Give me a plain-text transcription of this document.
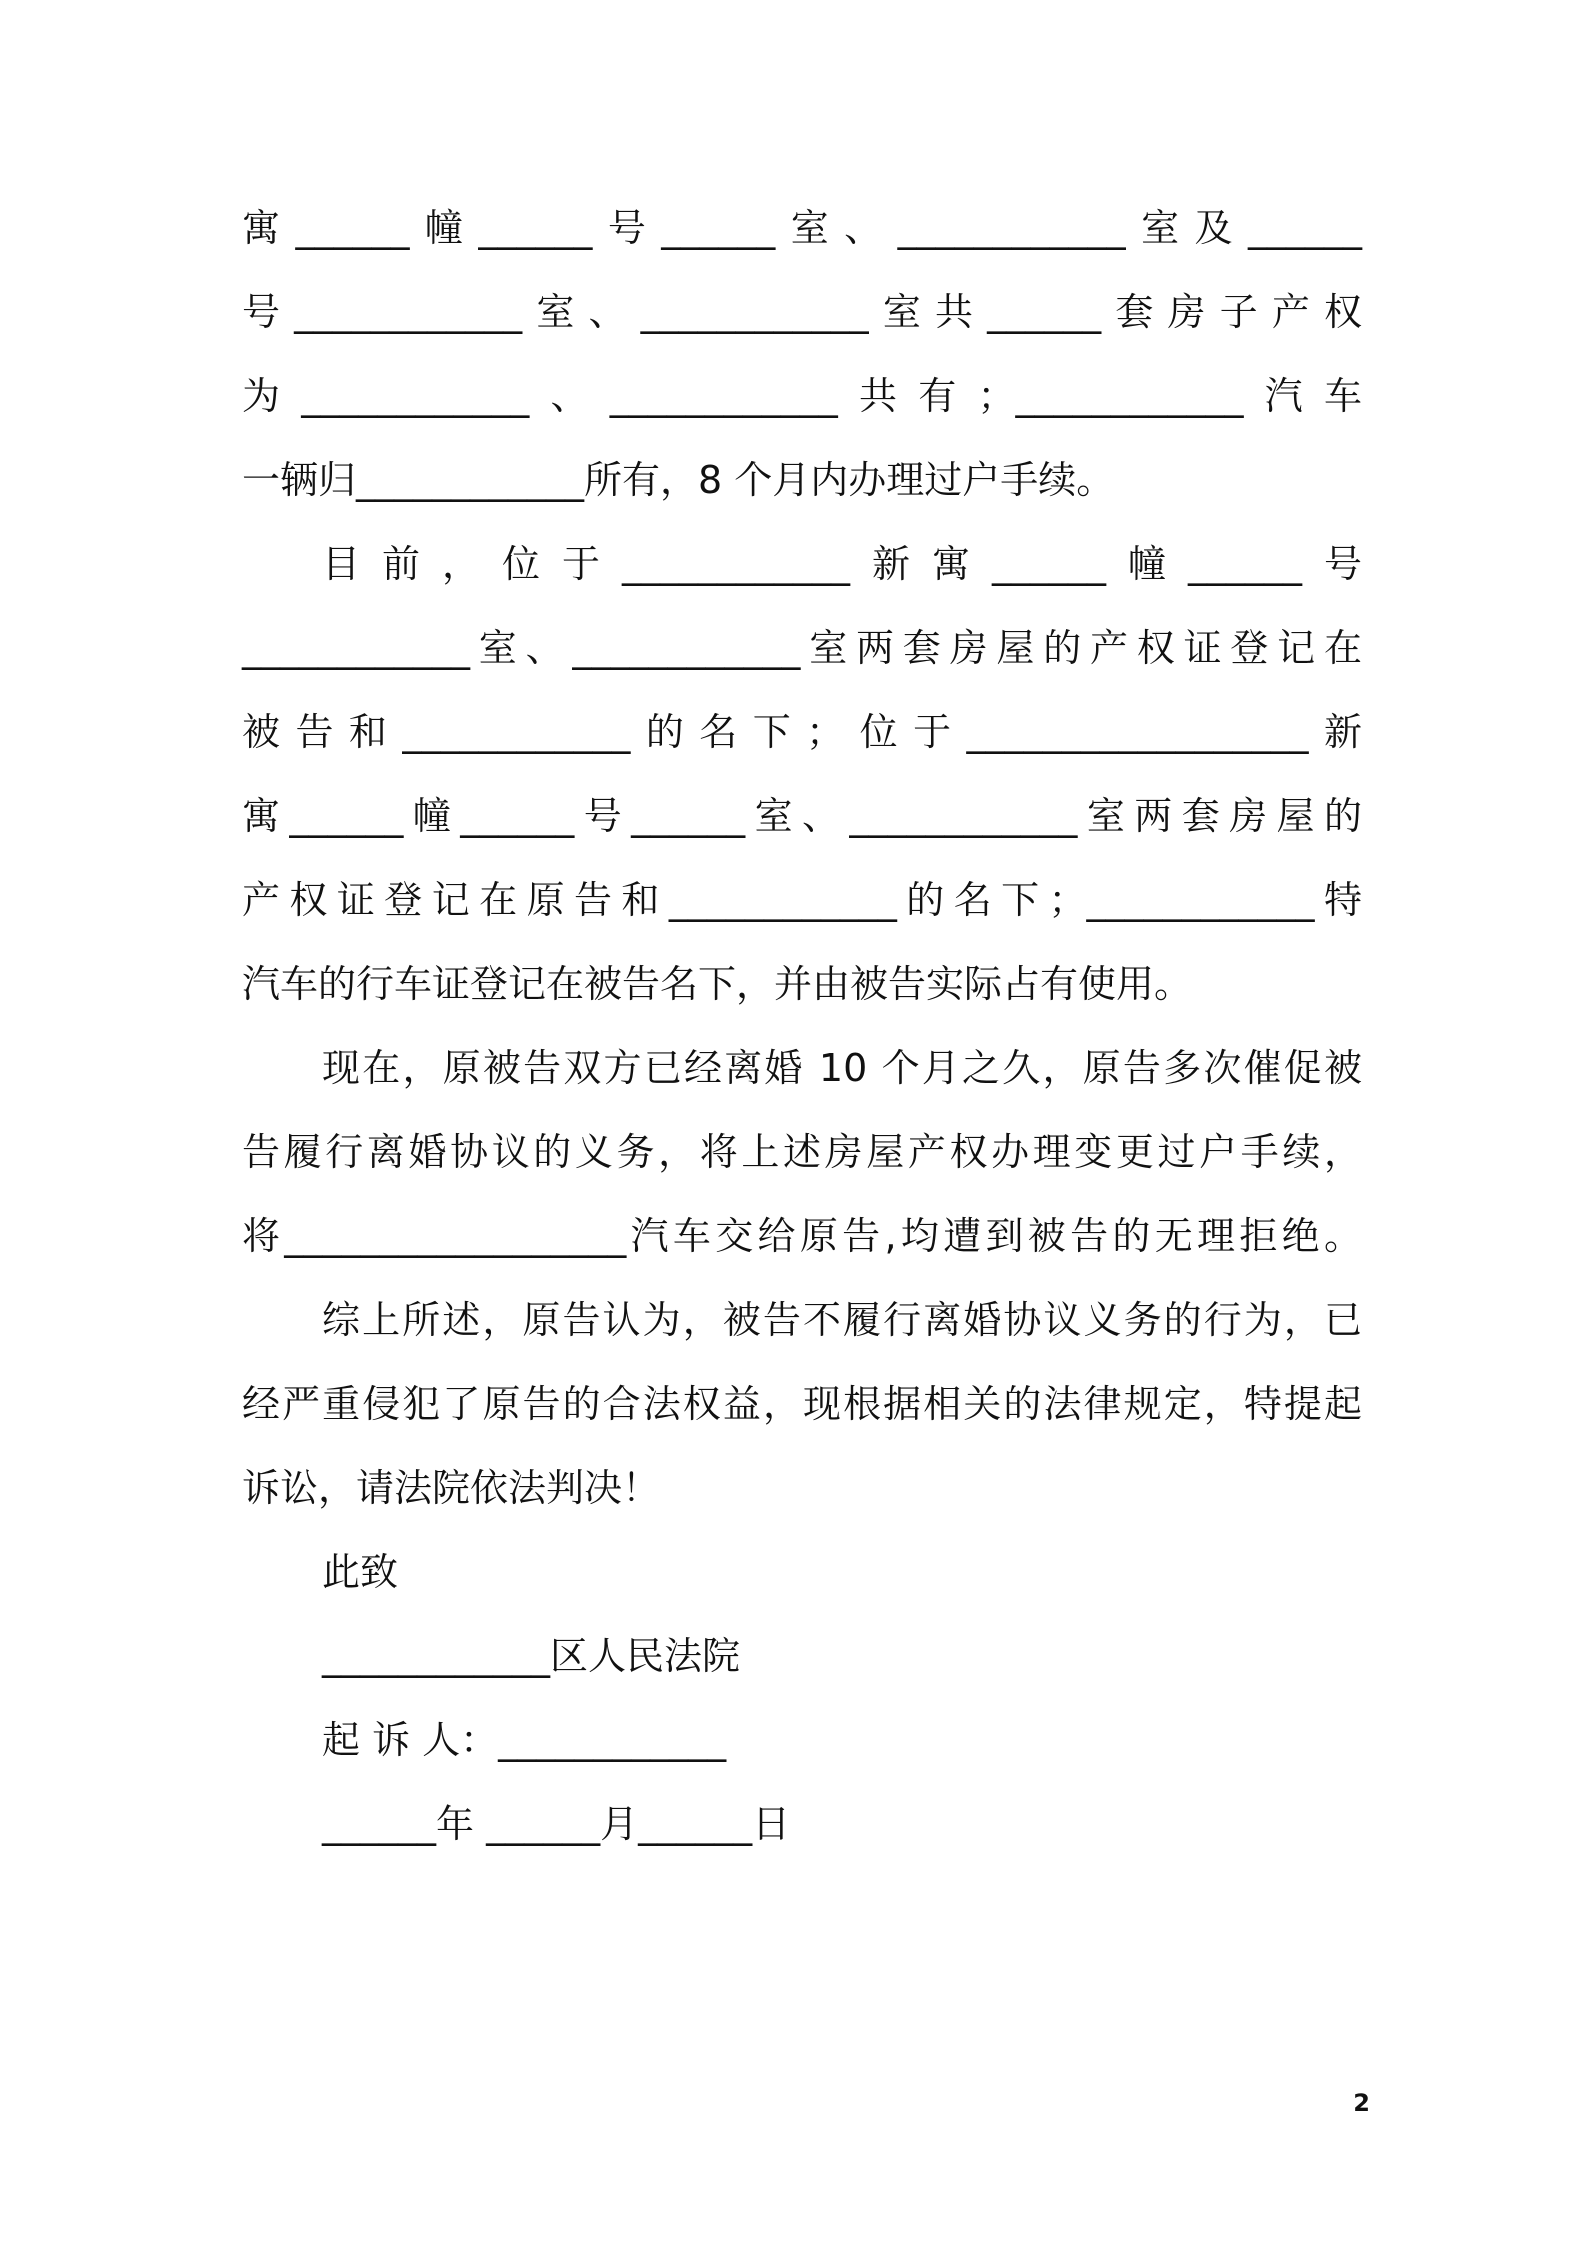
寓______幢______号______室、____________室及______
号____________室、____________室共______套房子产权
为____________、____________共有；____________汽车
一辆归____________所有，8 个月内办理过户手续。
目前，位于____________新寓______幢______号
____________室、____________室两套房屋的产权证登记在
被告和____________的名下；位于__________________新
寓______幢______号______室、____________室两套房屋的
产权证登记在原告和____________的名下；____________特
汽车的行车证登记在被告名下，并由被告实际占有使用。
现在，原被告双方已经离婚 10 个月之久，原告多次催促被
告履行离婚协议的义务，将上述房屋产权办理变更过户手续，
将__________________汽车交给原告,均遭到被告的无理拒绝。
综上所述，原告认为，被告不履行离婚协议义务的行为，已
经严重侵犯了原告的合法权益，现根据相关的法律规定，特提起
诉讼，请法院依法判决！
此致
____________区人民法院
起 诉 人：____________
______年 ______月______日
2
